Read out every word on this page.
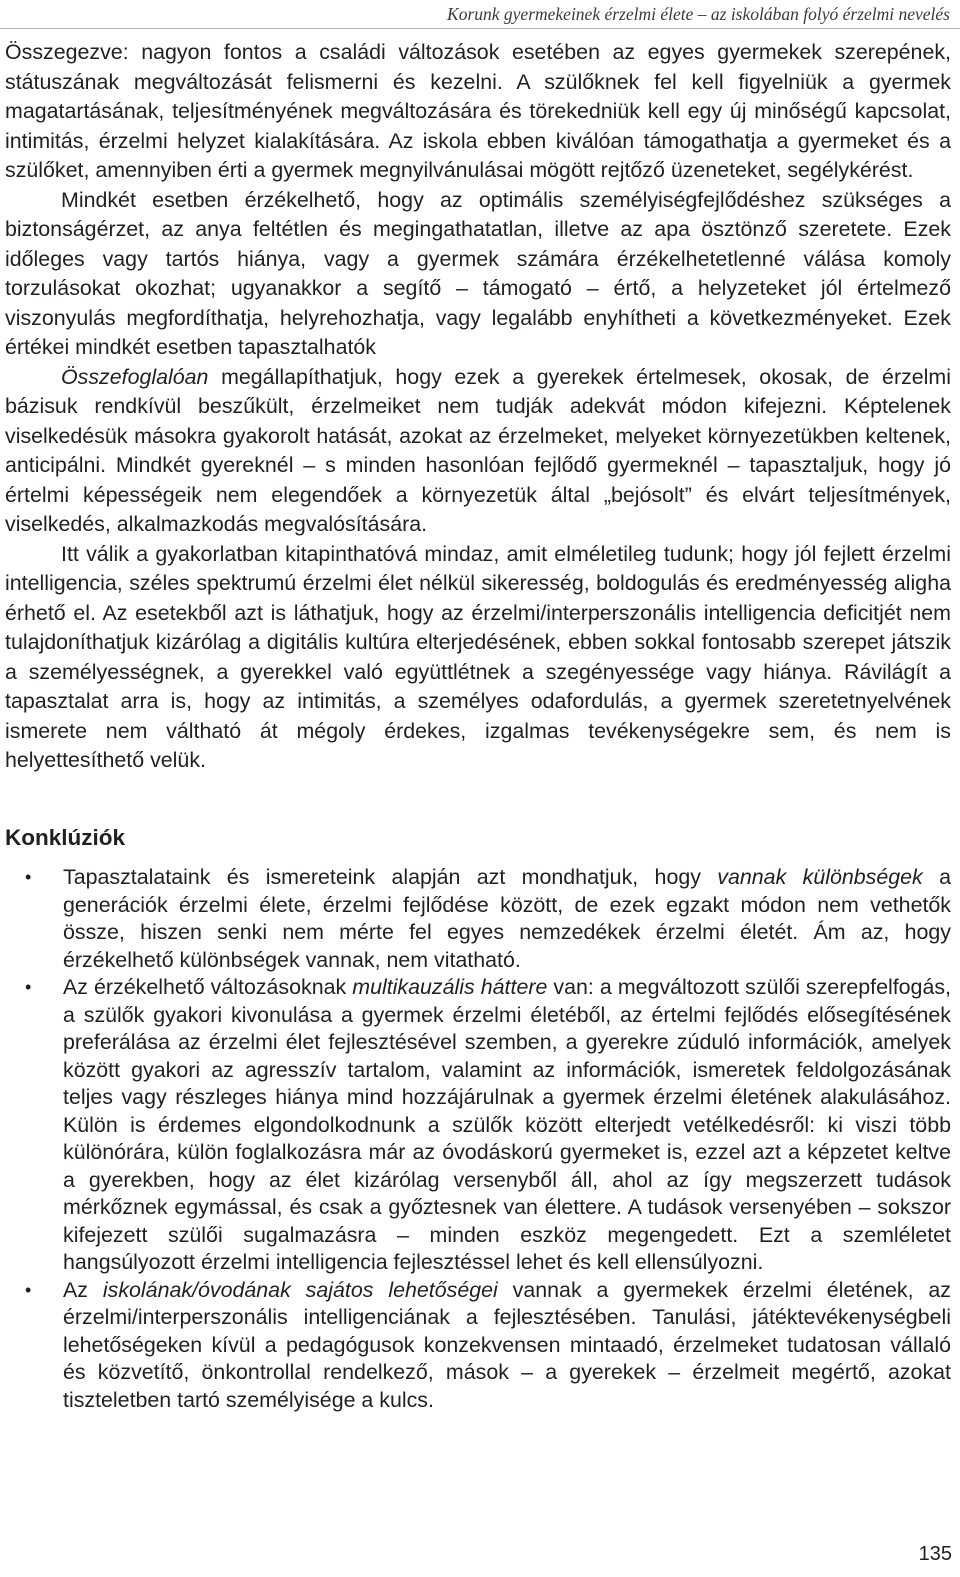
Korunk gyermekeinek érzelmi élete – az iskolában folyó érzelmi nevelés

Összegezve: nagyon fontos a családi változások esetében az egyes gyermekek szerepének, státuszának megváltozását felismerni és kezelni. A szülőknek fel kell figyelniük a gyermek magatartásának, teljesítményének megváltozására és törekedniük kell egy új minőségű kapcsolat, intimitás, érzelmi helyzet kialakítására. Az iskola ebben kiválóan támogathatja a gyermeket és a szülőket, amennyiben érti a gyermek megnyilvánulásai mögött rejtőző üzeneteket, segélykérést.

Mindkét esetben érzékelhető, hogy az optimális személyiségfejlődéshez szükséges a biztonságérzet, az anya feltétlen és megingathatatlan, illetve az apa ösztönző szeretete. Ezek időleges vagy tartós hiánya, vagy a gyermek számára érzékelhetetlenné válása komoly torzulásokat okozhat; ugyanakkor a segítő – támogató – értő, a helyzeteket jól értelmező viszonyulás megfordíthatja, helyrehozhatja, vagy legalább enyhítheti a következményeket. Ezek értékei mindkét esetben tapasztalhatók

Összefoglalóan megállapíthatjuk, hogy ezek a gyerekek értelmesek, okosak, de érzelmi bázisuk rendkívül beszűkült, érzelmeiket nem tudják adekvát módon kifejezni. Képtelenek viselkedésük másokra gyakorolt hatását, azokat az érzelmeket, melyeket környezetükben keltenek, anticipálni. Mindkét gyereknél – s minden hasonlóan fejlődő gyermeknél – tapasztaljuk, hogy jó értelmi képességeik nem elegendőek a környezetük által „bejósolt” és elvárt teljesítmények, viselkedés, alkalmazkodás megvalósítására.

Itt válik a gyakorlatban kitapinthatóvá mindaz, amit elméletileg tudunk; hogy jól fejlett érzelmi intelligencia, széles spektrumú érzelmi élet nélkül sikeresség, boldogulás és eredményesség aligha érhető el. Az esetekből azt is láthatjuk, hogy az érzelmi/interperszonális intelligencia deficitjét nem tulajdoníthatjuk kizárólag a digitális kultúra elterjedésének, ebben sokkal fontosabb szerepet játszik a személyességnek, a gyerekkel való együttlétnek a szegényessége vagy hiánya. Rávilágít a tapasztalat arra is, hogy az intimitás, a személyes odafordulás, a gyermek szeretetnyelvének ismerete nem váltható át mégoly érdekes, izgalmas tevékenységekre sem, és nem is helyettesíthető velük.

Konklúziók
• Tapasztalataink és ismereteink alapján azt mondhatjuk, hogy vannak különbségek a generációk érzelmi élete, érzelmi fejlődése között, de ezek egzakt módon nem vethetők össze, hiszen senki nem mérte fel egyes nemzedékek érzelmi életét. Ám az, hogy érzékelhető különbségek vannak, nem vitatható.
• Az érzékelhető változásoknak multikauzális háttere van: a megváltozott szülői szerepfelfogás, a szülők gyakori kivonulása a gyermek érzelmi életéből, az értelmi fejlődés elősegítésének preferálása az érzelmi élet fejlesztésével szemben, a gyerekre zúduló információk, amelyek között gyakori az agresszív tartalom, valamint az információk, ismeretek feldolgozásának teljes vagy részleges hiánya mind hozzájárulnak a gyermek érzelmi életének alakulásához. Külön is érdemes elgondolkodnunk a szülők között elterjedt vetélkedésről: ki viszi több különórára, külön foglalkozásra már az óvodáskorú gyermeket is, ezzel azt a képzetet keltve a gyerekben, hogy az élet kizárólag versenyből áll, ahol az így megszerzett tudások mérkőznek egymással, és csak a győztesnek van élettere. A tudások versenyében – sokszor kifejezett szülői sugalmazásra – minden eszköz megengedett. Ezt a szemléletet hangsúlyozott érzelmi intelligencia fejlesztéssel lehet és kell ellensúlyozni.
• Az iskolának/óvodának sajátos lehetőségei vannak a gyermekek érzelmi életének, az érzelmi/interperszonális intelligenciának a fejlesztésében. Tanulási, játéktevékenységbeli lehetőségeken kívül a pedagógusok konzekvensen mintaadó, érzelmeket tudatosan vállaló és közvetítő, önkontrollal rendelkező, mások – a gyerekek – érzelmeit megértő, azokat tiszteletben tartó személyisége a kulcs.
135
